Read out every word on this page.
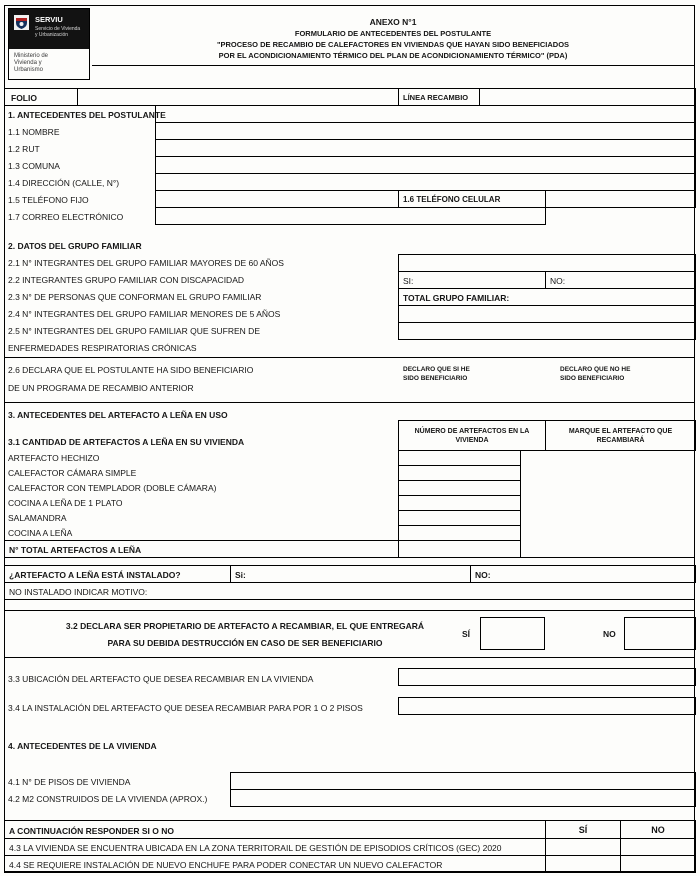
SERVIU
Servicio de Vivienda
y Urbanización
Ministerio de
Vivienda y
Urbanismo
ANEXO N°1
FORMULARIO DE ANTECEDENTES DEL POSTULANTE
"PROCESO DE RECAMBIO DE CALEFACTORES EN VIVIENDAS QUE HAYAN SIDO BENEFICIADOS
POR EL ACONDICIONAMIENTO TÉRMICO DEL PLAN DE ACONDICIONAMIENTO TÉRMICO" (PDA)
FOLIO	LÍNEA RECAMBIO
1. ANTECEDENTES DEL POSTULANTE
1.1 NOMBRE
1.2 RUT
1.3 COMUNA
1.4 DIRECCIÓN (CALLE, N°)
1.5 TELÉFONO FIJO	1.6 TELÉFONO CELULAR
1.7 CORREO ELECTRÓNICO
2. DATOS DEL GRUPO FAMILIAR
2.1 N° INTEGRANTES DEL GRUPO FAMILIAR MAYORES DE 60 AÑOS
2.2 INTEGRANTES GRUPO FAMILIAR CON DISCAPACIDAD	SI:	NO:
2.3 N° DE PERSONAS QUE CONFORMAN EL GRUPO FAMILIAR	TOTAL GRUPO FAMILIAR:
2.4 N° INTEGRANTES DEL GRUPO FAMILIAR MENORES DE 5 AÑOS
2.5 N° INTEGRANTES DEL GRUPO FAMILIAR QUE SUFREN DE
ENFERMEDADES RESPIRATORIAS CRÓNICAS
2.6 DECLARA QUE EL POSTULANTE HA SIDO BENEFICIARIO
DE UN PROGRAMA DE RECAMBIO ANTERIOR
DECLARO QUE SI HE
SIDO BENEFICIARIO
DECLARO QUE NO HE
SIDO BENEFICIARIO
3. ANTECEDENTES DEL ARTEFACTO A LEÑA EN USO
3.1 CANTIDAD DE ARTEFACTOS A LEÑA EN SU VIVIENDA
NÚMERO DE ARTEFACTOS EN LA VIVIENDA
MARQUE EL ARTEFACTO QUE RECAMBIARÁ
ARTEFACTO HECHIZO
CALEFACTOR CÁMARA SIMPLE
CALEFACTOR CON TEMPLADOR (DOBLE CÁMARA)
COCINA A LEÑA DE 1 PLATO
SALAMANDRA
COCINA A LEÑA
N° TOTAL ARTEFACTOS A LEÑA
¿ARTEFACTO A LEÑA ESTÁ INSTALADO?	Si:	NO:
NO INSTALADO INDICAR MOTIVO:
3.2 DECLARA SER PROPIETARIO DE ARTEFACTO A RECAMBIAR, EL QUE ENTREGARÁ
PARA SU DEBIDA DESTRUCCIÓN EN CASO DE SER BENEFICIARIO
SÍ	NO
3.3 UBICACIÓN DEL ARTEFACTO QUE DESEA RECAMBIAR EN LA VIVIENDA
3.4 LA INSTALACIÓN DEL ARTEFACTO QUE DESEA RECAMBIAR PARA POR 1 O 2 PISOS
4. ANTECEDENTES DE LA VIVIENDA
4.1 N° DE PISOS DE VIVIENDA
4.2 M2 CONSTRUIDOS DE LA VIVIENDA (APROX.)
A CONTINUACIÓN RESPONDER SI O NO	SÍ	NO
4.3 LA VIVIENDA SE ENCUENTRA UBICADA EN LA ZONA TERRITORAIL DE GESTIÓN DE EPISODIOS CRÍTICOS (GEC) 2020
4.4 SE REQUIERE INSTALACIÓN DE NUEVO ENCHUFE PARA PODER CONECTAR UN NUEVO CALEFACTOR
